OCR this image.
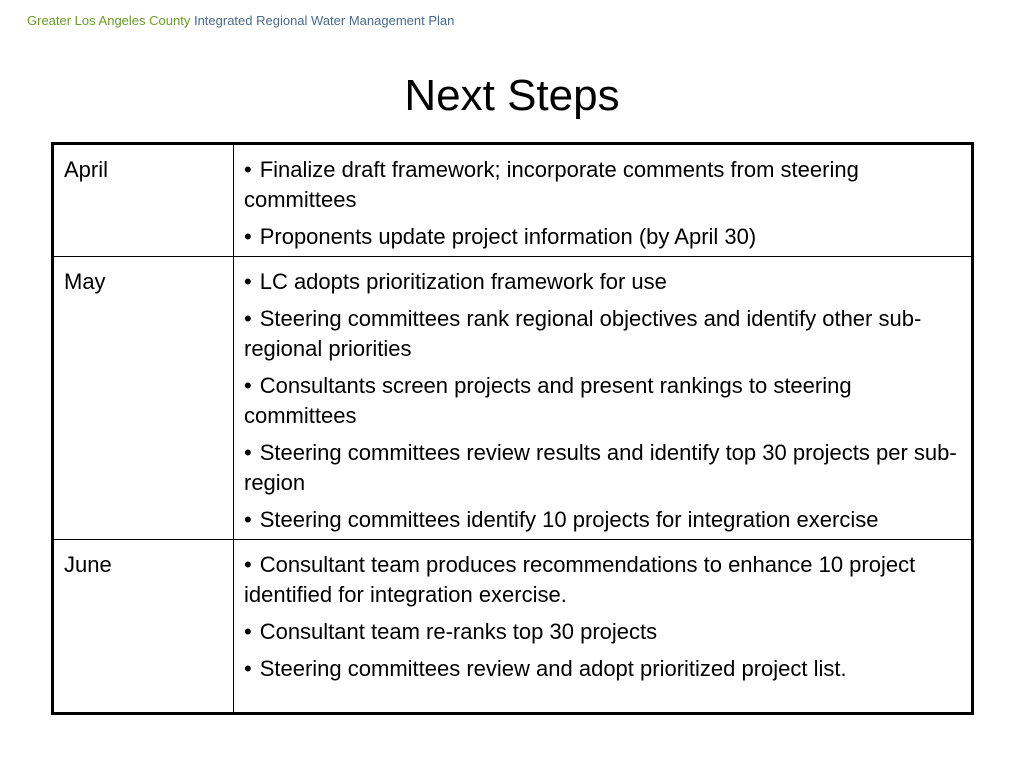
Greater Los Angeles County Integrated Regional Water Management Plan
Next Steps
April	• Finalize draft framework; incorporate comments from steering committees
• Proponents update project information (by April 30)

May	• LC adopts prioritization framework for use
• Steering committees rank regional objectives and identify other sub-regional priorities
• Consultants screen projects and present rankings to steering committees
• Steering committees review results and identify top 30 projects per sub-region
• Steering committees identify 10 projects for integration exercise

June	• Consultant team produces recommendations to enhance 10 project identified for integration exercise.
• Consultant team re-ranks top 30 projects
• Steering committees review and adopt prioritized project list.
